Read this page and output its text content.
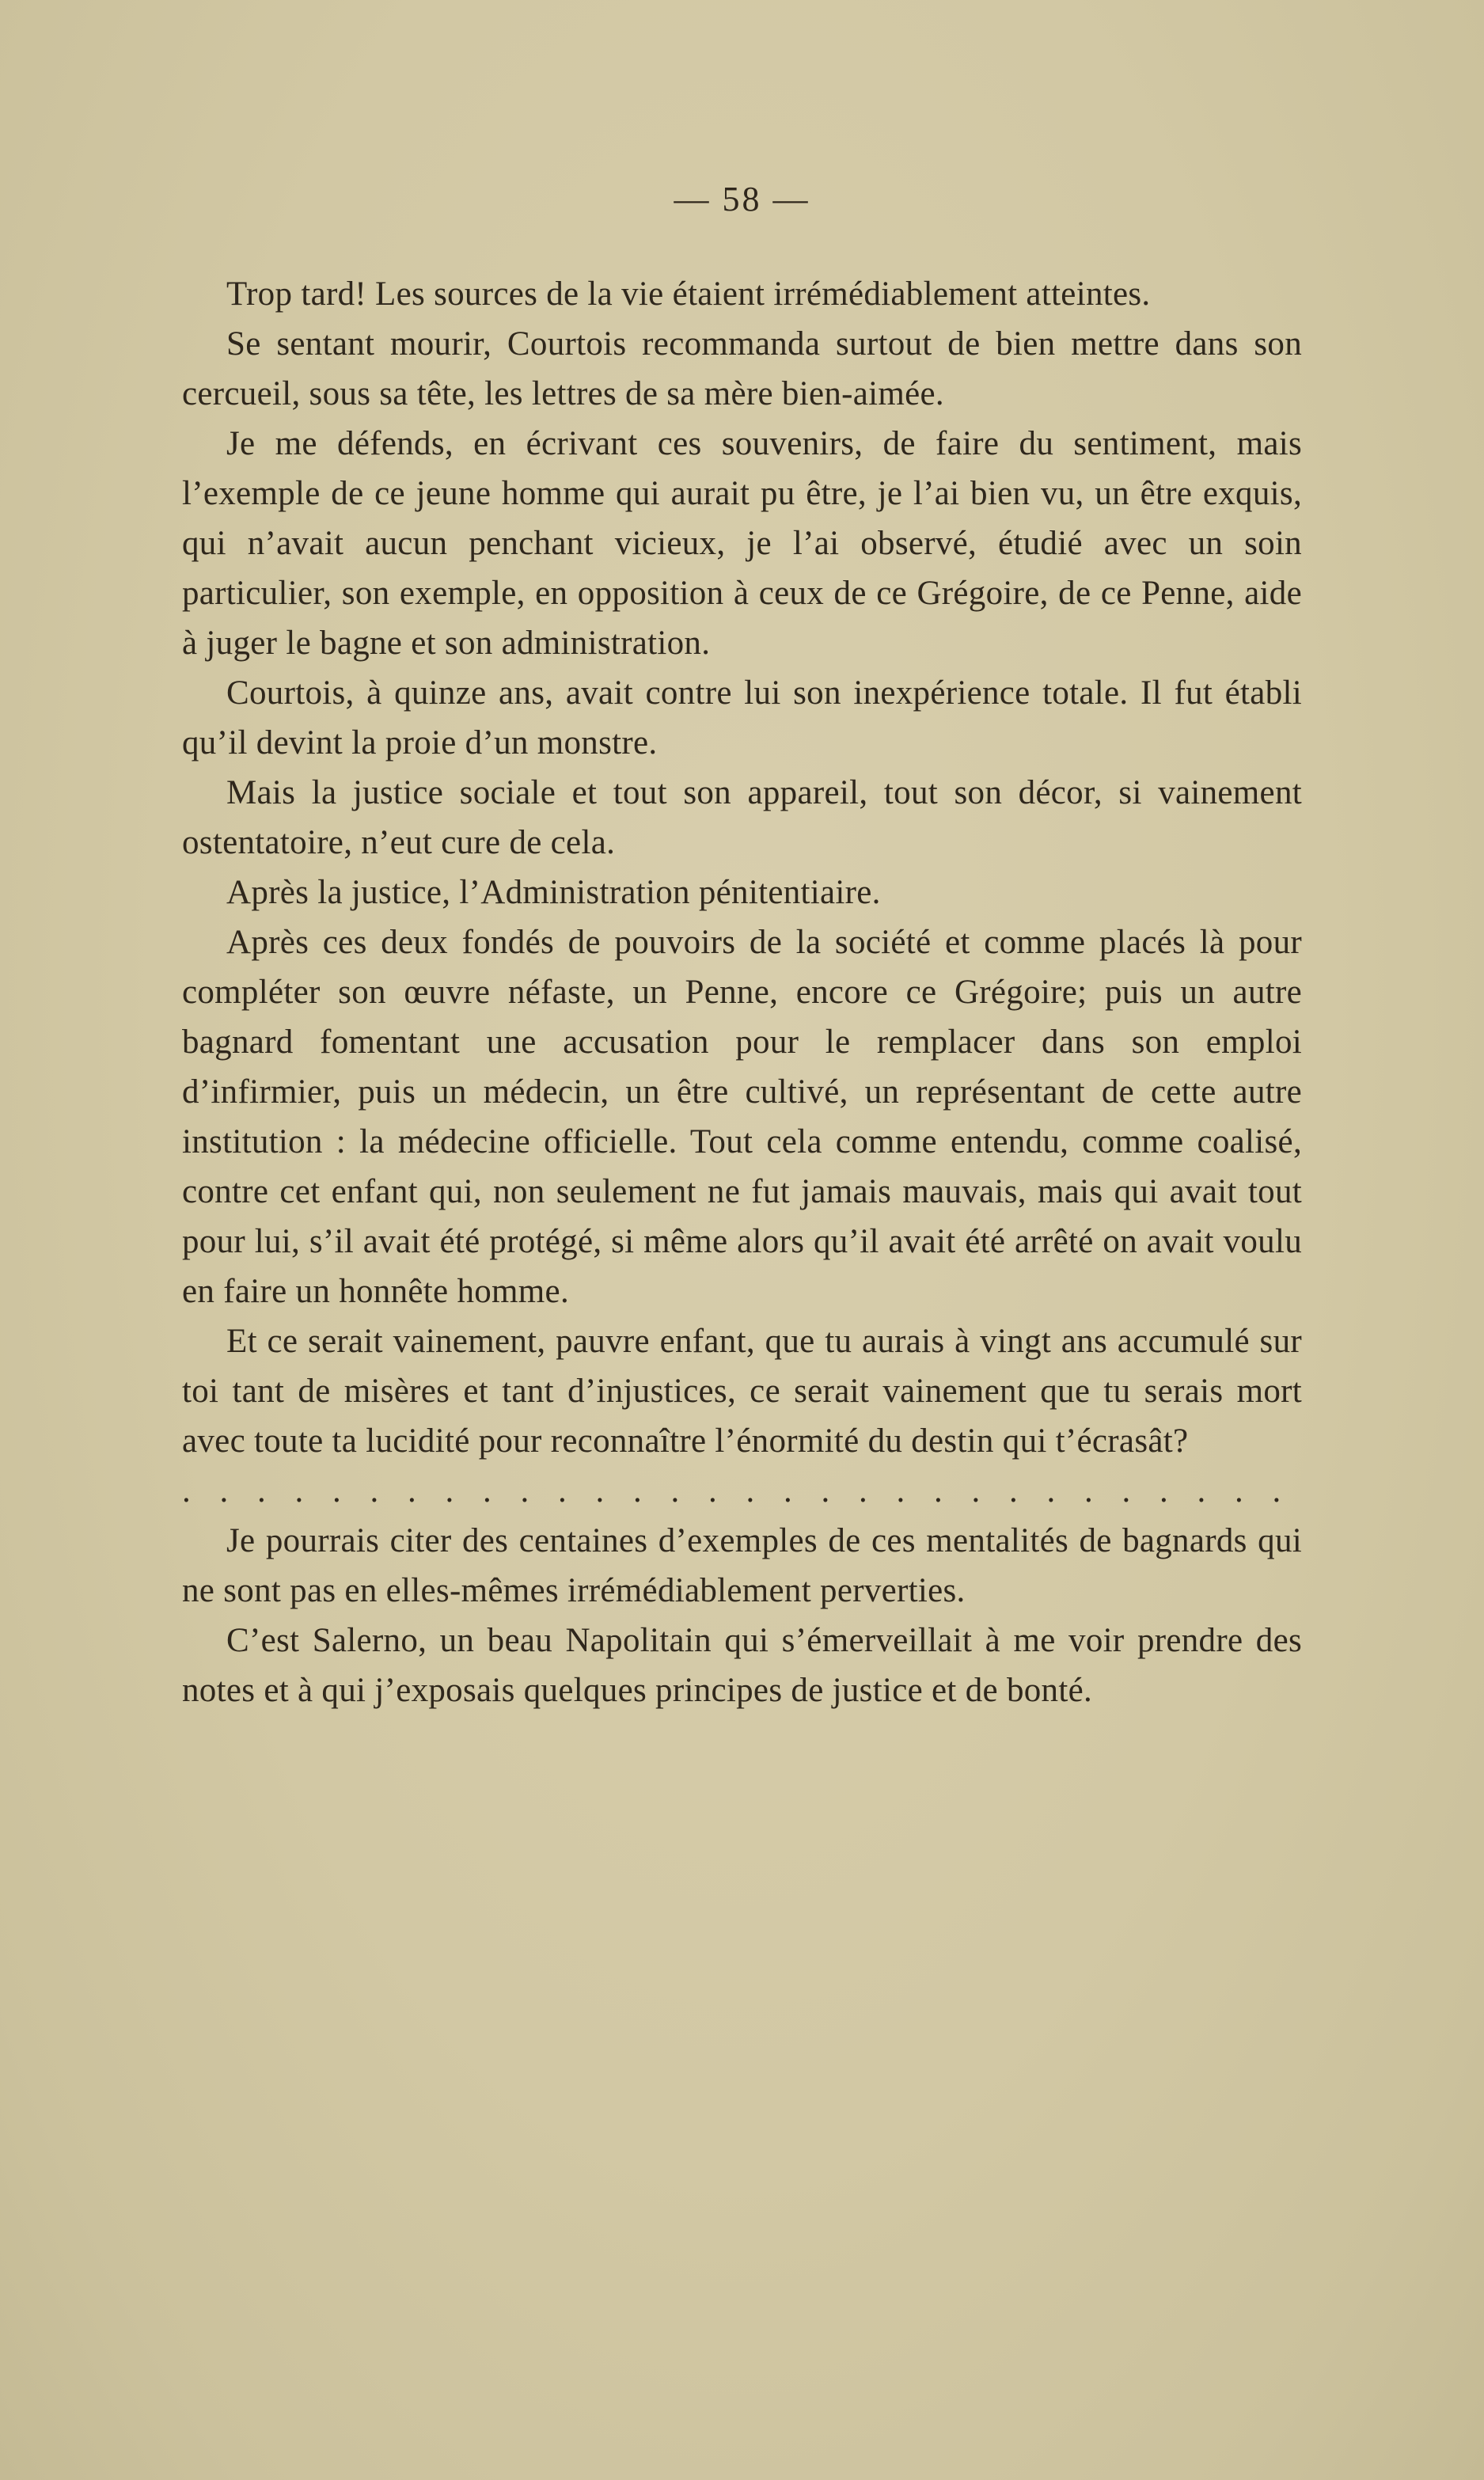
— 58 —

Trop tard! Les sources de la vie étaient irrémédiablement atteintes.

Se sentant mourir, Courtois recommanda surtout de bien mettre dans son cercueil, sous sa tête, les lettres de sa mère bien-aimée.

Je me défends, en écrivant ces souvenirs, de faire du sentiment, mais l’exemple de ce jeune homme qui aurait pu être, je l’ai bien vu, un être exquis, qui n’avait aucun penchant vicieux, je l’ai observé, étudié avec un soin particulier, son exemple, en opposition à ceux de ce Grégoire, de ce Penne, aide à juger le bagne et son administration.

Courtois, à quinze ans, avait contre lui son inexpérience totale. Il fut établi qu’il devint la proie d’un monstre.

Mais la justice sociale et tout son appareil, tout son décor, si vainement ostentatoire, n’eut cure de cela.

Après la justice, l’Administration pénitentiaire.

Après ces deux fondés de pouvoirs de la société et comme placés là pour compléter son œuvre néfaste, un Penne, encore ce Grégoire; puis un autre bagnard fomentant une accusation pour le remplacer dans son emploi d’infirmier, puis un médecin, un être cultivé, un représentant de cette autre institution : la médecine officielle. Tout cela comme entendu, comme coalisé, contre cet enfant qui, non seulement ne fut jamais mauvais, mais qui avait tout pour lui, s’il avait été protégé, si même alors qu’il avait été arrêté on avait voulu en faire un honnête homme.

Et ce serait vainement, pauvre enfant, que tu aurais à vingt ans accumulé sur toi tant de misères et tant d’injustices, ce serait vainement que tu serais mort avec toute ta lucidité pour reconnaître l’énormité du destin qui t’écrasât?

. . . . . . . . . . . . . . . . . . . . . . . . . . . . . .

Je pourrais citer des centaines d’exemples de ces mentalités de bagnards qui ne sont pas en elles-mêmes irrémédiablement perverties.

C’est Salerno, un beau Napolitain qui s’émerveillait à me voir prendre des notes et à qui j’exposais quelques principes de justice et de bonté.
